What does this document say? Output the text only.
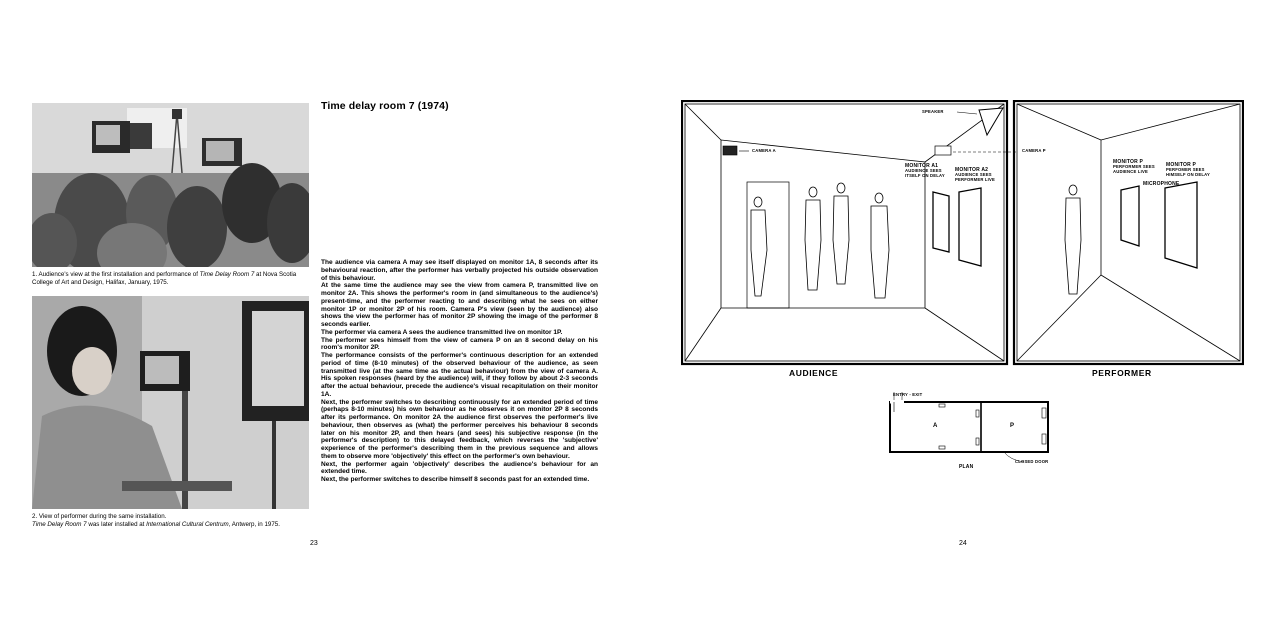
1. Audience's view at the first installation and performance of Time Delay Room 7 at Nova Scotia College of Art and Design, Halifax, January, 1975.
2. View of performer during the same installation.
Time Delay Room 7 was later installed at International Cultural Centrum, Antwerp, in 1975.
Time delay room 7 (1974)

The audience via camera A may see itself displayed on monitor 1A, 8 seconds after its behavioural reaction, after the performer has verbally projected his outside observation of this behaviour.

At the same time the audience may see the view from camera P, transmitted live on monitor 2A. This shows the performer's room in (and simultaneous to the audience's) present-time, and the performer reacting to and describing what he sees on either monitor 1P or monitor 2P of his room. Camera P's view (seen by the audience) also shows the view the performer has of monitor 2P showing the image of the performer 8 seconds earlier.

The performer via camera A sees the audience transmitted live on monitor 1P.

The performer sees himself from the view of camera P on an 8 second delay on his room's monitor 2P.

The performance consists of the performer's continuous description for an extended period of time (8-10 minutes) of the observed behaviour of the audience, as seen transmitted live (at the same time as the actual behaviour) from the view of camera A. His spoken responses (heard by the audience) will, if they follow by about 2-3 seconds after the actual behaviour, precede the audience's visual recapitulation on their monitor 1A.

Next, the performer switches to describing continuously for an extended period of time (perhaps 8-10 minutes) his own behaviour as he observes it on monitor 2P 8 seconds after its performance. On monitor 2A the audience first observes the performer's live behaviour, then observes as (what) the performer perceives his behaviour 8 seconds later on his monitor 2P, and then hears (and sees) his subjective response (in the performer's description) to this delayed feedback, which reverses the 'subjective' experience of the performer's describing them in the previous sequence and allows them to observe more 'objectively' this effect on the performer's own behaviour.

Next, the performer again 'objectively' describes the audience's behaviour for an extended time.

Next, the performer switches to describe himself 8 seconds past for an extended time.

23
SPEAKER
CAMERA A	CAMERA P
MONITOR A1
AUDIENCE SEES
ITSELF ON DELAY
MONITOR A2
AUDIENCE SEES
PERFORMER LIVE
MONITOR P
PERFORMER SEES
AUDIENCE LIVE
MONITOR P
PERFOMER SEES
HIMSELF ON DELAY
MICROPHONE
AUDIENCE	PERFORMER
ENTRY - EXIT
A	P
PLAN
CLOSED DOOR
24
